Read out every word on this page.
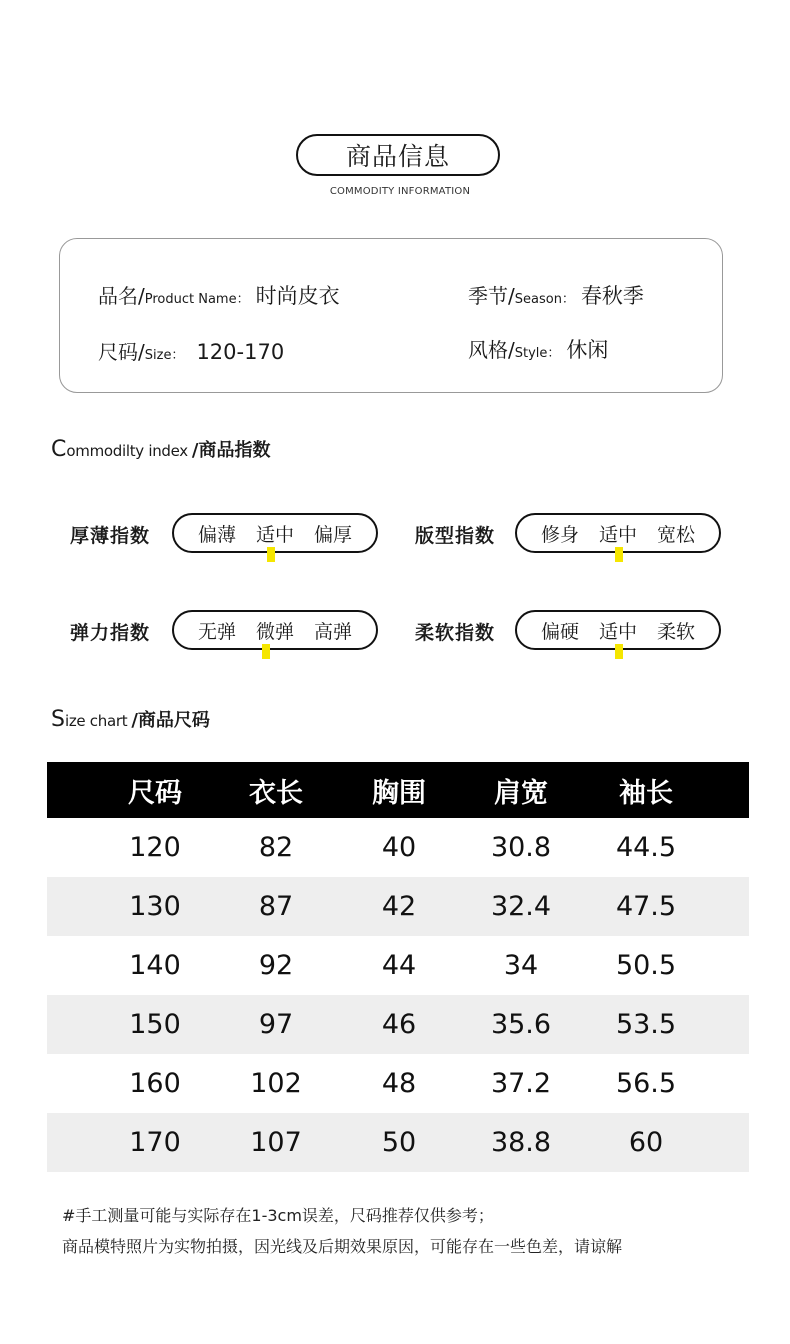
商品信息
COMMODITY INFORMATION
品名/ Product Name： 时尚皮衣	季节/ Season： 春秋季
尺码/ Size： 120-170	风格/ Style： 休闲
C ommodilty index /商品指数
厚薄指数	偏薄 适中 偏厚	版型指数 修身 适中 宽松
弹力指数	无弹 微弹 高弹	柔软指数 偏硬 适中 柔软
S ize chart /商品尺码
尺码 衣长	胸围	肩宽	袖长
120	82	40	30.8 44.5
130	87	42	32.4 47.5
140	92	44	34	50.5
150	97	46	35.6 53.5
160	102	48	37.2 56.5
170	107	50	38.8	60
#手工测量可能与实际存在1-3cm误差，尺码推荐仅供参考；
商品模特照片为实物拍摄，因光线及后期效果原因，可能存在一些色差，请谅解
